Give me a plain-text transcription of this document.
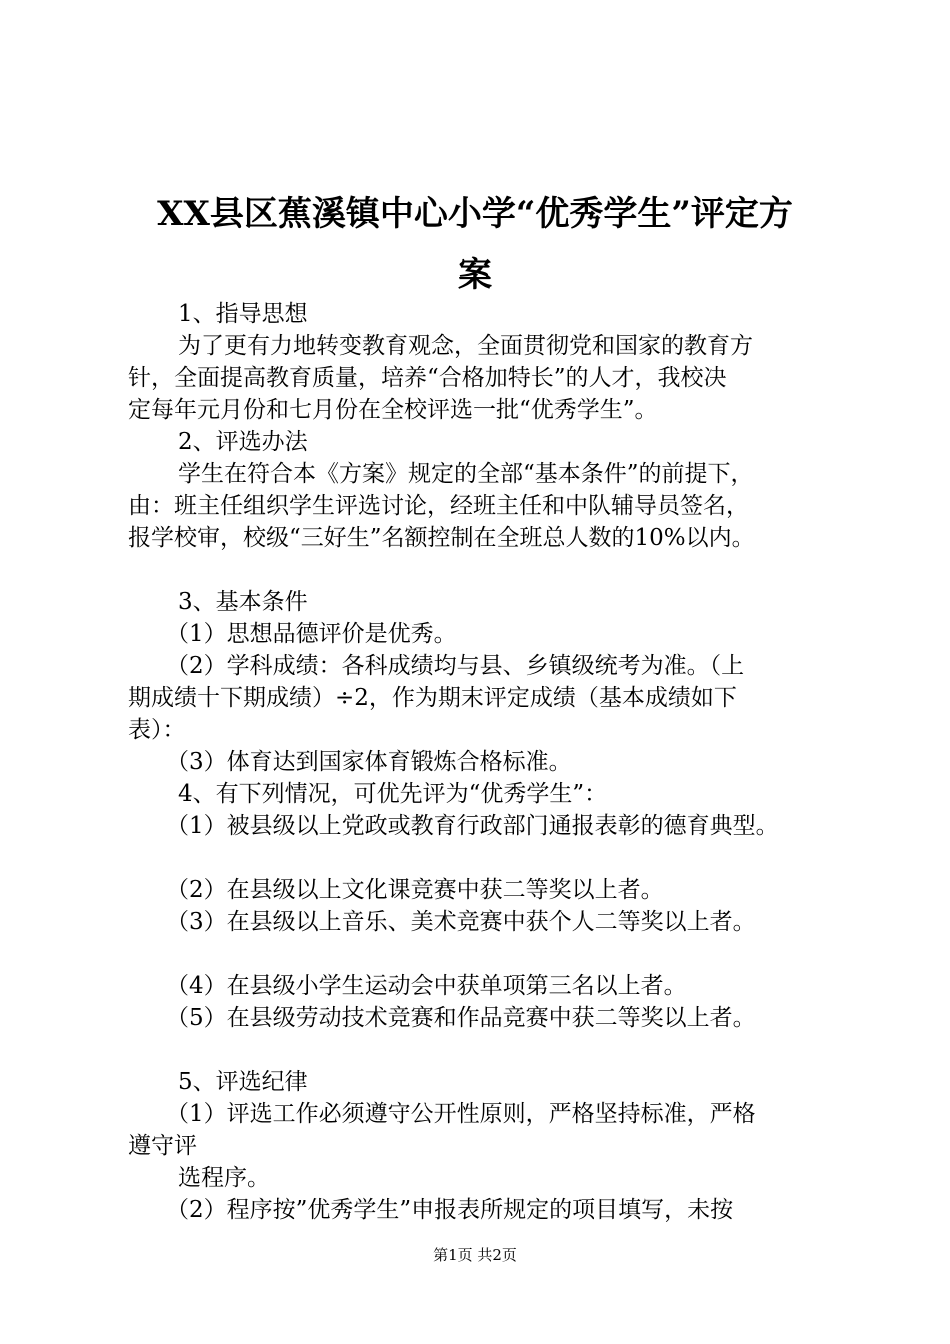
XX县区蕉溪镇中心小学“优秀学生”评定方
案

1、指导思想

为了更有力地转变教育观念，全面贯彻党和国家的教育方

针，全面提高教育质量，培养“合格加特长”的人才，我校决

定每年元月份和七月份在全校评选一批“优秀学生”。

2、评选办法

学生在符合本《方案》规定的全部“基本条件”的前提下，

由：班主任组织学生评选讨论，经班主任和中队辅导员签名，

报学校审，校级“三好生”名额控制在全班总人数的10%以内。

3、基本条件

（1）思想品德评价是优秀。

（2）学科成绩：各科成绩均与县、乡镇级统考为准。（上

期成绩十下期成绩）÷2，作为期末评定成绩（基本成绩如下

表）：

（3）体育达到国家体育锻炼合格标准。

4、有下列情况，可优先评为“优秀学生”：

（1）被县级以上党政或教育行政部门通报表彰的德育典型。

（2）在县级以上文化课竞赛中获二等奖以上者。

（3）在县级以上音乐、美术竞赛中获个人二等奖以上者。

（4）在县级小学生运动会中获单项第三名以上者。

（5）在县级劳动技术竞赛和作品竞赛中获二等奖以上者。

5、评选纪律

（1）评选工作必须遵守公开性原则，严格坚持标准，严格

遵守评

选程序。

（2）程序按”优秀学生”申报表所规定的项目填写，未按

第1页 共2页
